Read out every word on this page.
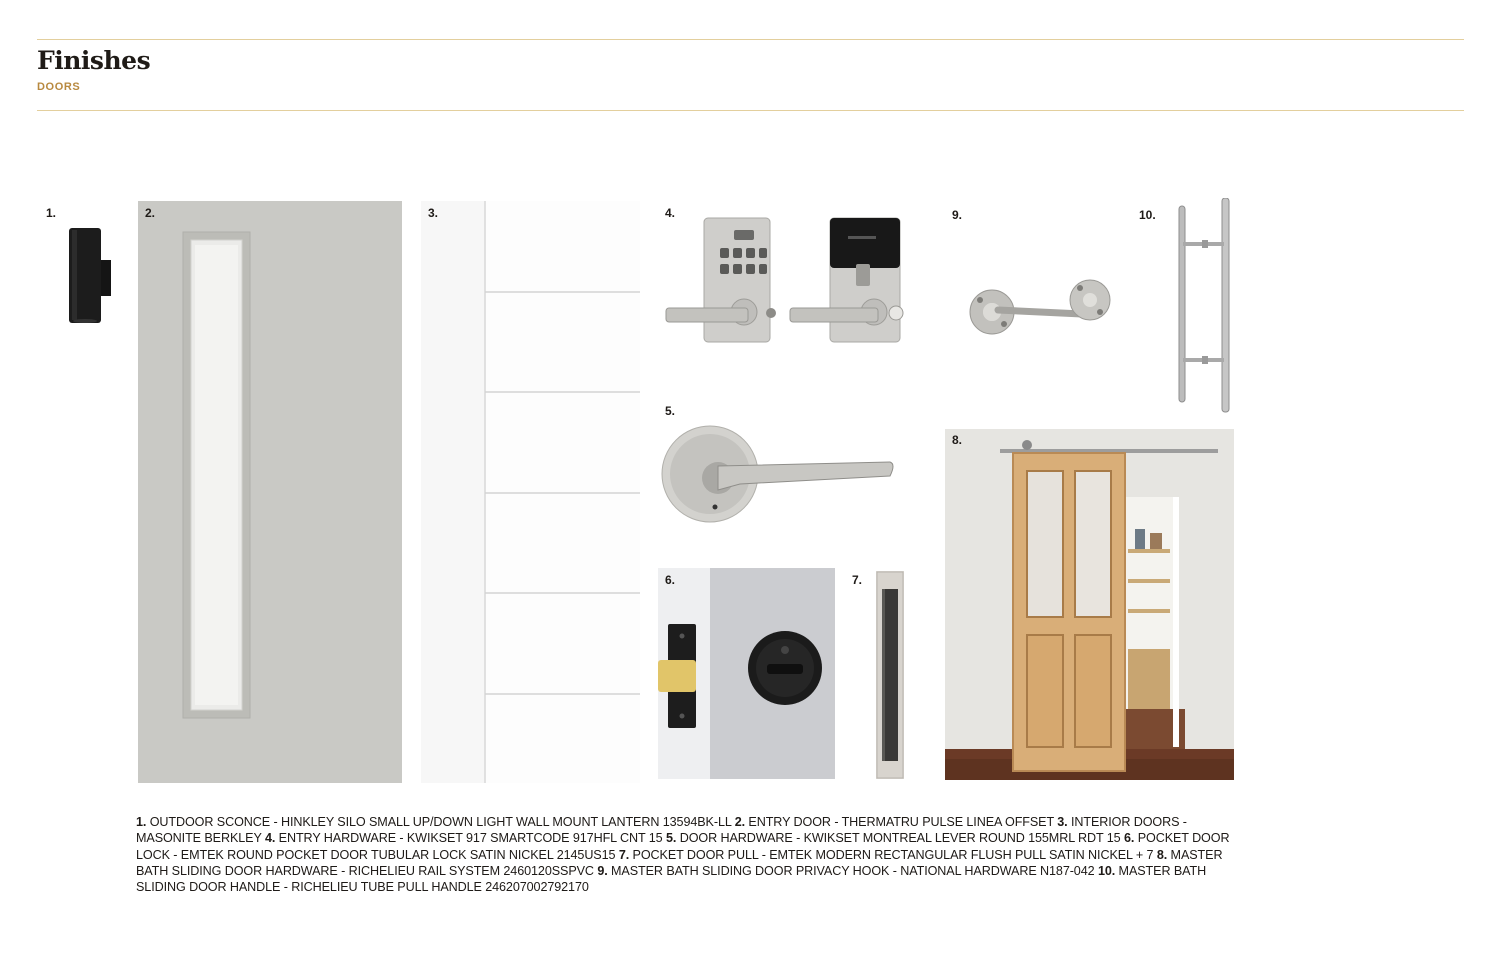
Finishes
DOORS
1.	2.	3.	4.
5.
6.	7.
8.
9.	10.
1. OUTDOOR SCONCE - HINKLEY SILO SMALL UP/DOWN LIGHT WALL MOUNT LANTERN 13594BK-LL 2. ENTRY DOOR - THERMATRU PULSE LINEA OFFSET 3. INTERIOR DOORS - MASONITE BERKLEY 4. ENTRY HARDWARE - KWIKSET 917 SMARTCODE 917HFL CNT 15 5. DOOR HARDWARE - KWIKSET MONTREAL LEVER ROUND 155MRL RDT 15 6. POCKET DOOR LOCK - EMTEK ROUND POCKET DOOR TUBULAR LOCK SATIN NICKEL 2145US15 7. POCKET DOOR PULL - EMTEK MODERN RECTANGULAR FLUSH PULL SATIN NICKEL + 7 8. MASTER BATH SLIDING DOOR HARDWARE - RICHELIEU RAIL SYSTEM 2460120SSPVC 9. MASTER BATH SLIDING DOOR PRIVACY HOOK - NATIONAL HARDWARE N187-042 10. MASTER BATH SLIDING DOOR HANDLE - RICHELIEU TUBE PULL HANDLE 246207002792170
